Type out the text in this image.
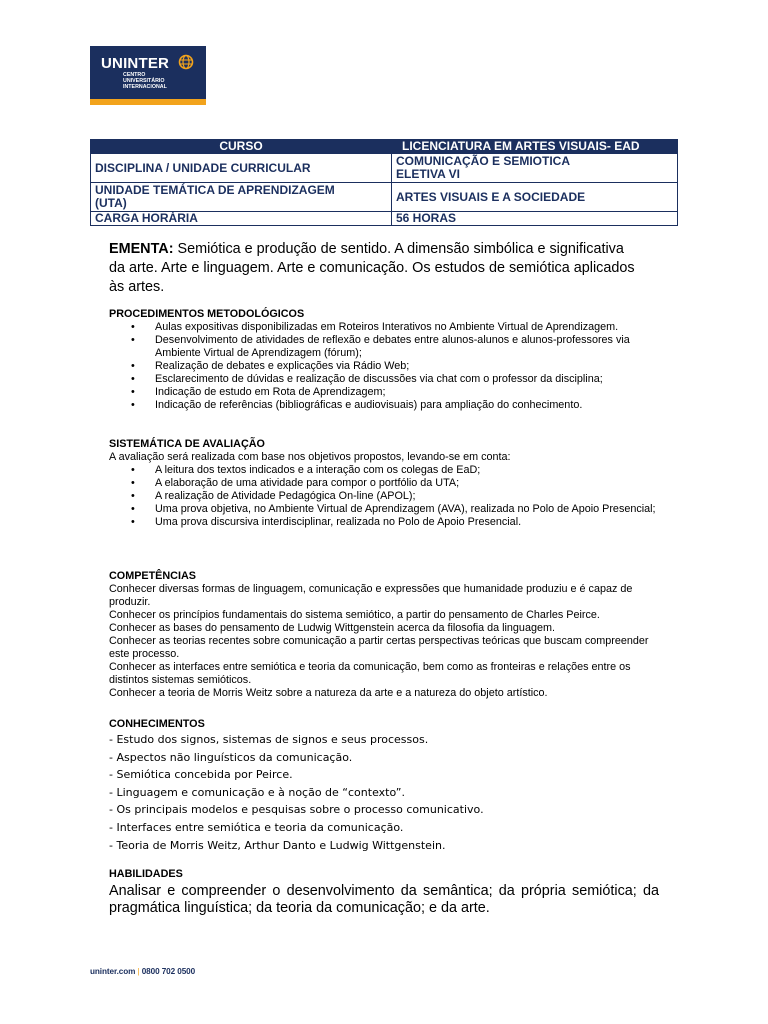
UNINTER
CENTRO
UNIVERSITÁRIO
INTERNACIONAL
CURSO	LICENCIATURA EM ARTES VISUAIS- EAD
DISCIPLINA / UNIDADE CURRICULAR	COMUNICAÇÃO E SEMIOTICA
ELETIVA VI

UNIDADE TEMÁTICA DE APRENDIZAGEM
(UTA)	ARTES VISUAIS E A SOCIEDADE
CARGA HORÁRIA	56 HORAS
EMENTA: Semiótica e produção de sentido. A dimensão simbólica e significativa da arte. Arte e linguagem. Arte e comunicação. Os estudos de semiótica aplicados às artes.
PROCEDIMENTOS METODOLÓGICOS
• Aulas expositivas disponibilizadas em Roteiros Interativos no Ambiente Virtual de Aprendizagem.
• Desenvolvimento de atividades de reflexão e debates entre alunos-alunos e alunos-professores via Ambiente Virtual de Aprendizagem (fórum);
• Realização de debates e explicações via Rádio Web;
• Esclarecimento de dúvidas e realização de discussões via chat com o professor da disciplina;
• Indicação de estudo em Rota de Aprendizagem;
• Indicação de referências (bibliográficas e audiovisuais) para ampliação do conhecimento.
SISTEMÁTICA DE AVALIAÇÃO

A avaliação será realizada com base nos objetivos propostos, levando-se em conta:

• A leitura dos textos indicados e a interação com os colegas de EaD;
• A elaboração de uma atividade para compor o portfólio da UTA;
• A realização de Atividade Pedagógica On-line (APOL);
• Uma prova objetiva, no Ambiente Virtual de Aprendizagem (AVA), realizada no Polo de Apoio Presencial;
• Uma prova discursiva interdisciplinar, realizada no Polo de Apoio Presencial.
COMPETÊNCIAS

Conhecer diversas formas de linguagem, comunicação e expressões que humanidade produziu e é capaz de produzir.

Conhecer os princípios fundamentais do sistema semiótico, a partir do pensamento de Charles Peirce.

Conhecer as bases do pensamento de Ludwig Wittgenstein acerca da filosofia da linguagem.

Conhecer as teorias recentes sobre comunicação a partir certas perspectivas teóricas que buscam compreender este processo.

Conhecer as interfaces entre semiótica e teoria da comunicação, bem como as fronteiras e relações entre os distintos sistemas semióticos.

Conhecer a teoria de Morris Weitz sobre a natureza da arte e a natureza do objeto artístico.

CONHECIMENTOS
- Estudo dos signos, sistemas de signos e seus processos.
- Aspectos não linguísticos da comunicação.
- Semiótica concebida por Peirce.
- Linguagem e comunicação e à noção de “contexto”.
- Os principais modelos e pesquisas sobre o processo comunicativo.
- Interfaces entre semiótica e teoria da comunicação.
- Teoria de Morris Weitz, Arthur Danto e Ludwig Wittgenstein.
HABILIDADES

Analisar e compreender o desenvolvimento da semântica; da própria semiótica; da pragmática linguística; da teoria da comunicação; e da arte.

uninter.com | 0800 702 0500
